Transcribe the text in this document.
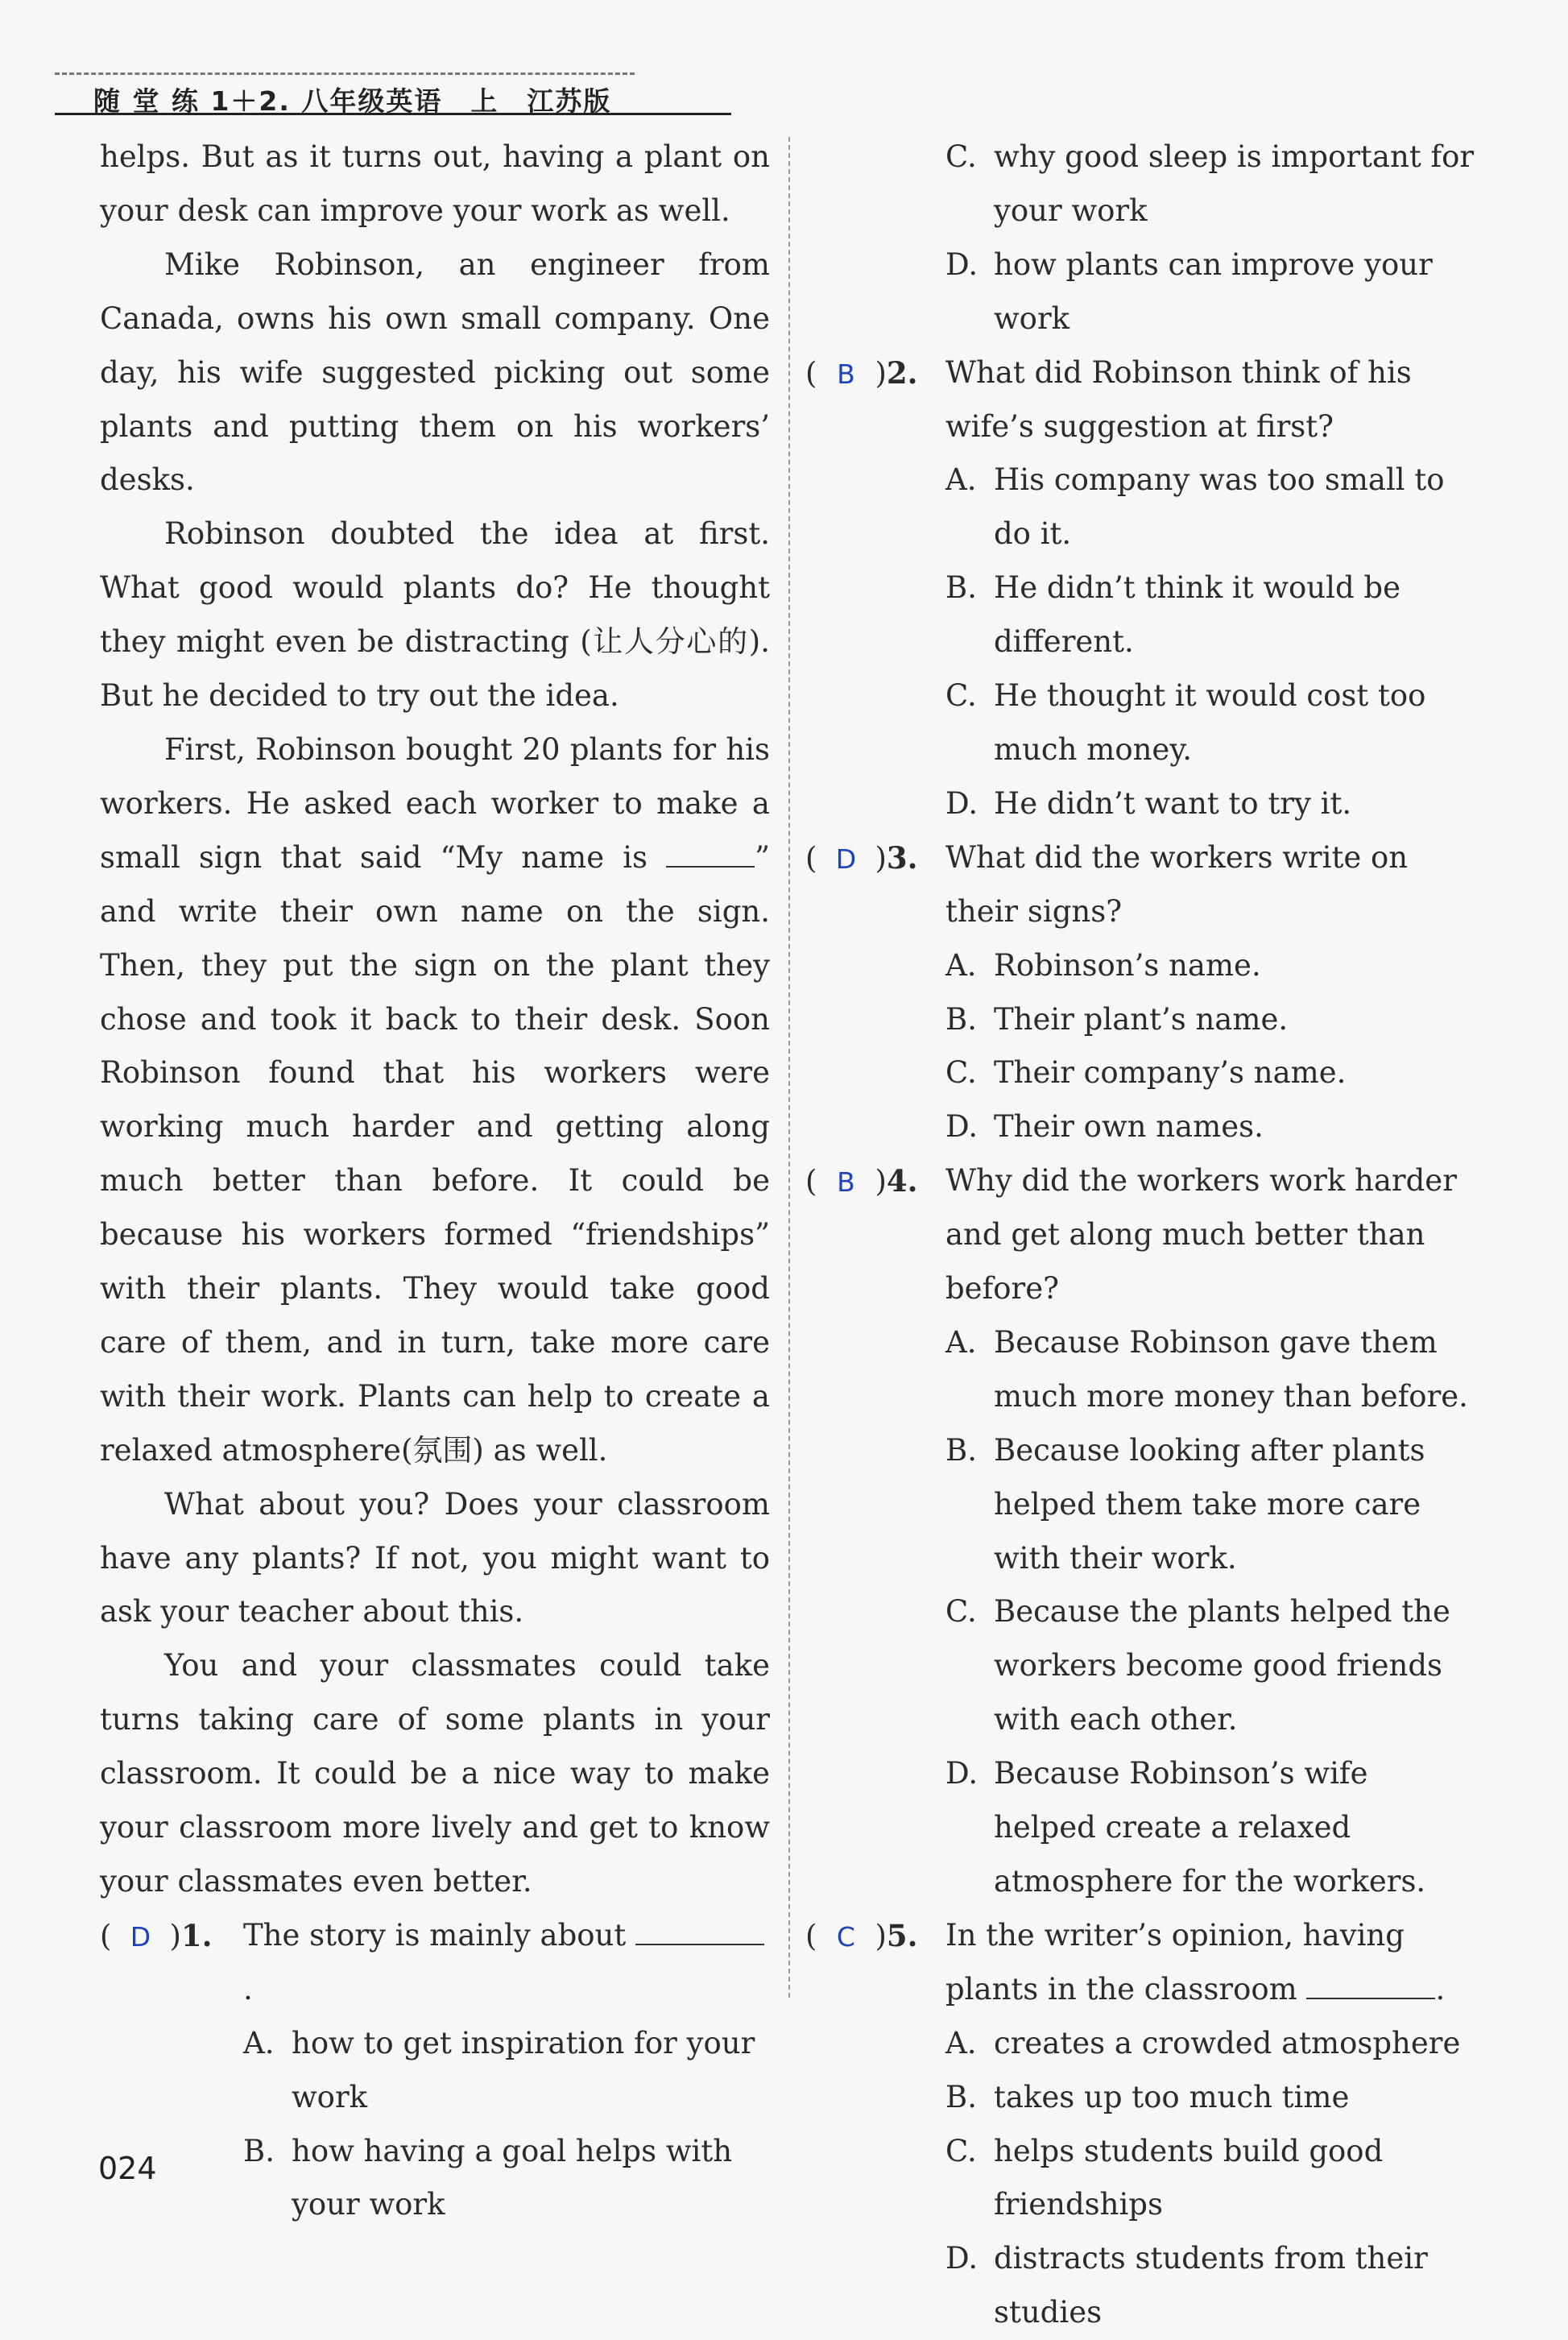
随 堂 练 1＋2. 八年级英语　上　江苏版

helps. But as it turns out, having a plant on your desk can improve your work as well.

Mike Robinson, an engineer from Canada, owns his own small company. One day, his wife suggested picking out some plants and putting them on his workers’ desks.

Robinson doubted the idea at first. What good would plants do? He thought they might even be distracting (让人分心的). But he decided to try out the idea.

First, Robinson bought 20 plants for his workers. He asked each worker to make a small sign that said “My name is	” and write their own name on the sign. Then, they put the sign on the plant they chose and took it back to their desk. Soon Robinson found that his workers were working much harder and getting along much better than before. It could be because his workers formed “friendships” with their plants. They would take good care of them, and in turn, take more care with their work. Plants can help to create a relaxed atmosphere(氛围) as well.

What about you? Does your classroom have any plants? If not, you might want to ask your teacher about this.

You and your classmates could take turns taking care of some plants in your classroom. It could be a nice way to make your classroom more lively and get to know your classmates even better.

( D )1.	The story is mainly about .
A. how to get inspiration for your work
B. how having a goal helps with your work
C. why good sleep is important for your work
D. how plants can improve your work
( B )2. What did Robinson think of his wife’s suggestion at first?
A. His company was too small to do it.
B. He didn’t think it would be different.
C. He thought it would cost too much money.
D. He didn’t want to try it.
( D )3. What did the workers write on their signs?
A. Robinson’s name.
B. Their plant’s name.
C. Their company’s name.
D. Their own names.
( B )4. Why did the workers work harder and get along much better than before?
A. Because Robinson gave them much more money than before.
B. Because looking after plants helped them take more care with their work.
C. Because the plants helped the workers become good friends with each other.
D. Because Robinson’s wife helped create a relaxed atmosphere for the workers.
( C )5. In the writer’s opinion, having plants in the classroom	.
A. creates a crowded atmosphere
B. takes up too much time
C. helps students build good friendships
D. distracts students from their studies
024
